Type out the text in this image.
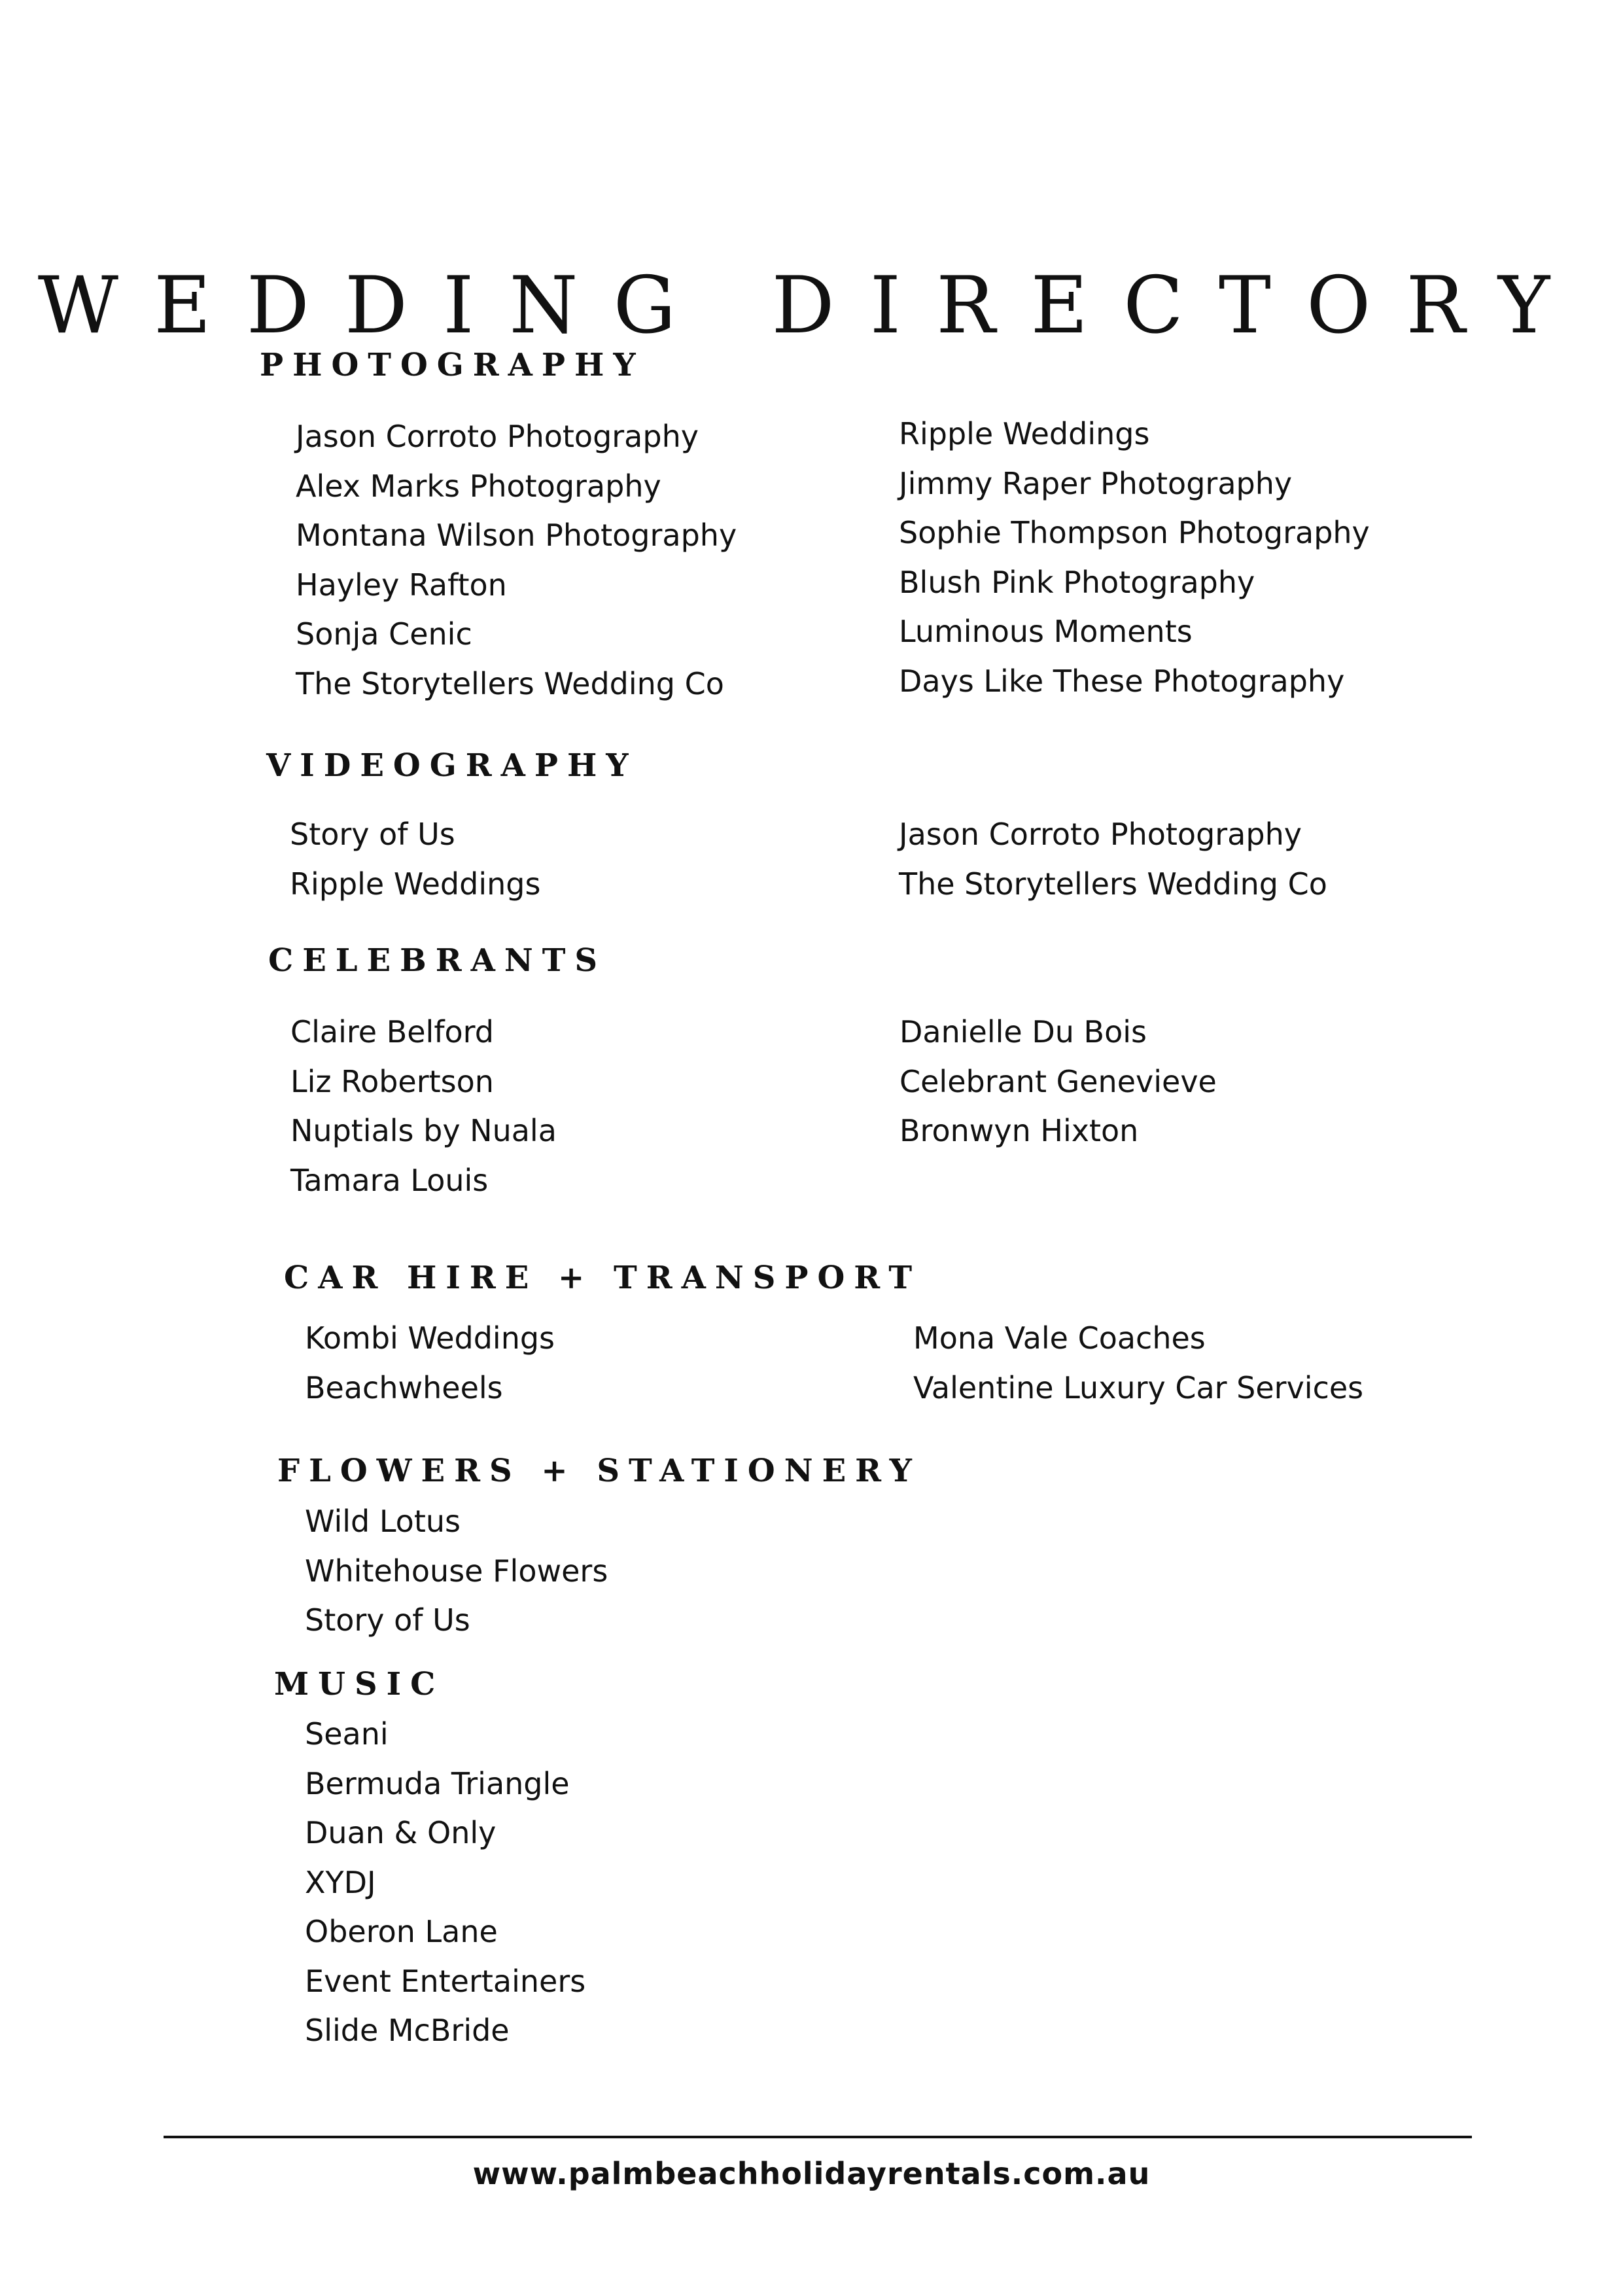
WEDDING DIRECTORY
PHOTOGRAPHY
Jason Corroto Photography
Alex Marks Photography
Montana Wilson Photography
Hayley Rafton
Sonja Cenic
The Storytellers Wedding Co
Ripple Weddings
Jimmy Raper Photography
Sophie Thompson Photography
Blush Pink Photography
Luminous Moments
Days Like These Photography
VIDEOGRAPHY
Story of Us
Ripple Weddings
Jason Corroto Photography
The Storytellers Wedding Co
CELEBRANTS
Claire Belford
Liz Robertson
Nuptials by Nuala
Tamara Louis
Danielle Du Bois
Celebrant Genevieve
Bronwyn Hixton
CAR HIRE + TRANSPORT
Kombi Weddings
Beachwheels
Mona Vale Coaches
Valentine Luxury Car Services
FLOWERS + STATIONERY
Wild Lotus
Whitehouse Flowers
Story of Us
MUSIC
Seani
Bermuda Triangle
Duan & Only
XYDJ
Oberon Lane
Event Entertainers
Slide McBride
www.palmbeachholidayrentals.com.au
